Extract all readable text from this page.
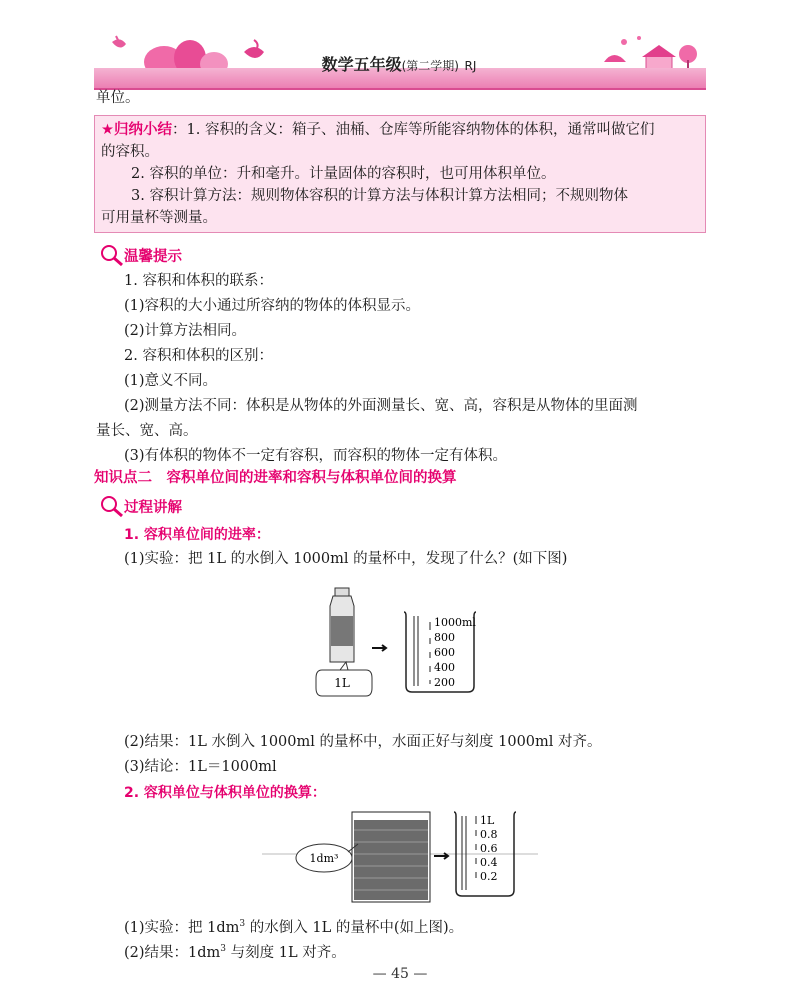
数学五年级(第二学期) RJ
单位。
★归纳小结：1. 容积的含义：箱子、油桶、仓库等所能容纳物体的体积，通常叫做它们
的容积。
2. 容积的单位：升和毫升。计量固体的容积时，也可用体积单位。
3. 容积计算方法：规则物体容积的计算方法与体积计算方法相同；不规则物体
可用量杯等测量。
温馨提示
1. 容积和体积的联系：
(1)容积的大小通过所容纳的物体的体积显示。
(2)计算方法相同。
2. 容积和体积的区别：
(1)意义不同。
(2)测量方法不同：体积是从物体的外面测量长、宽、高，容积是从物体的里面测
量长、宽、高。
(3)有体积的物体不一定有容积，而容积的物体一定有体积。
知识点二　容积单位间的进率和容积与体积单位间的换算
过程讲解
1. 容积单位间的进率：
(1)实验：把 1L 的水倒入 1000ml 的量杯中，发现了什么？(如下图)
1L
1000ml
800
600
400
200
(2)结果：1L 水倒入 1000ml 的量杯中，水面正好与刻度 1000ml 对齐。
(3)结论：1L＝1000ml
2. 容积单位与体积单位的换算：
1dm³
1L
0.8
0.6
0.4
0.2
(1)实验：把 $1dm^3$ 的水倒入 1L 的量杯中(如上图)。
(2)结果：$1dm^3$ 与刻度 1L 对齐。
— 45 —
